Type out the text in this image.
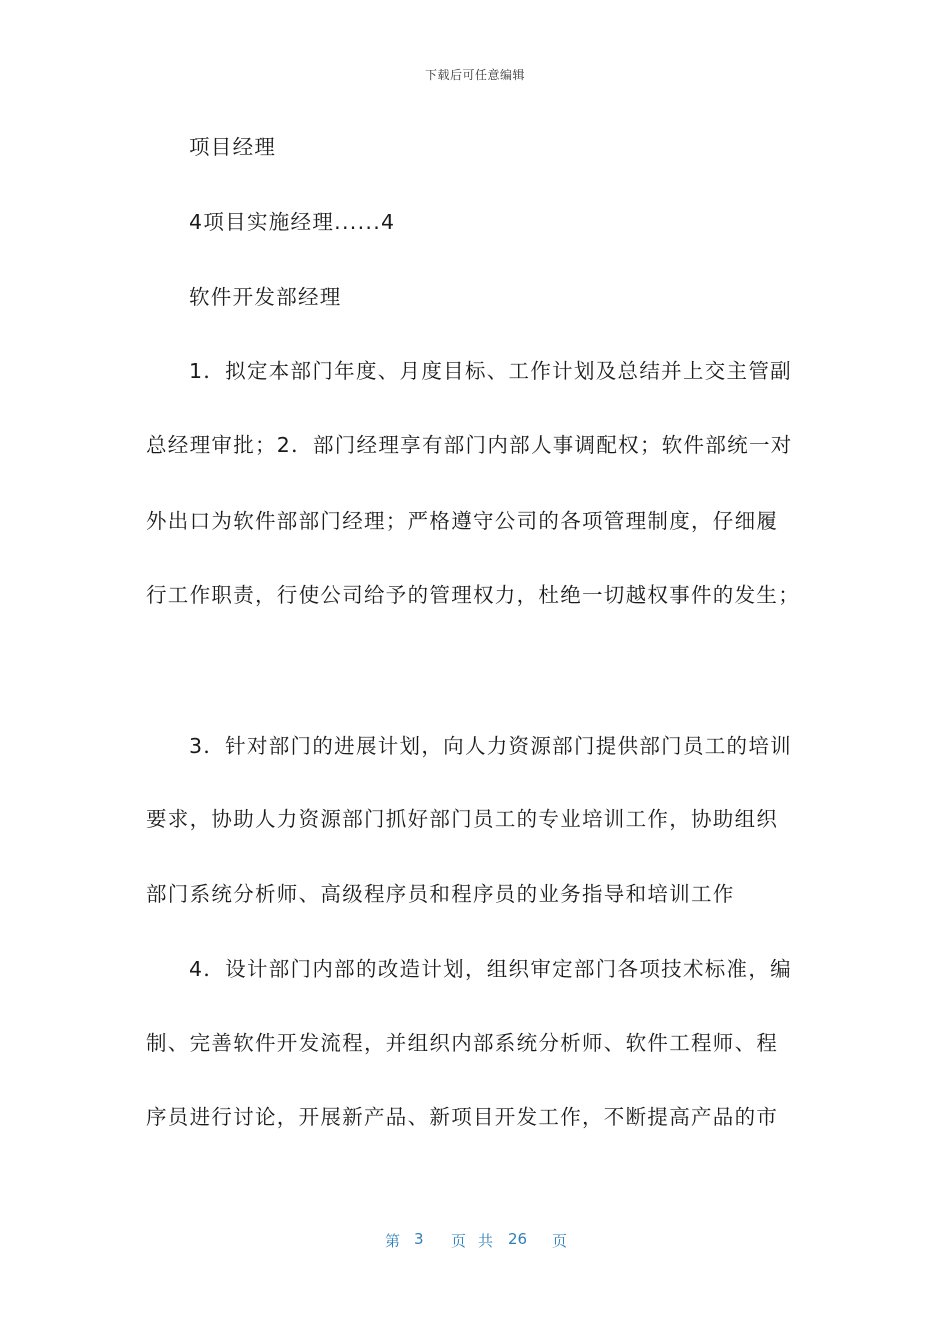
下载后可任意编辑
项目经理
4项目实施经理......4
软件开发部经理
1．拟定本部门年度、月度目标、工作计划及总结并上交主管副
总经理审批；2．部门经理享有部门内部人事调配权；软件部统一对
外出口为软件部部门经理；严格遵守公司的各项管理制度，仔细履
行工作职责，行使公司给予的管理权力，杜绝一切越权事件的发生；
3．针对部门的进展计划，向人力资源部门提供部门员工的培训
要求，协助人力资源部门抓好部门员工的专业培训工作，协助组织
部门系统分析师、高级程序员和程序员的业务指导和培训工作
4．设计部门内部的改造计划，组织审定部门各项技术标准，编
制、完善软件开发流程，并组织内部系统分析师、软件工程师、程
序员进行讨论，开展新产品、新项目开发工作，不断提高产品的市
第 3 页 共 26 页
